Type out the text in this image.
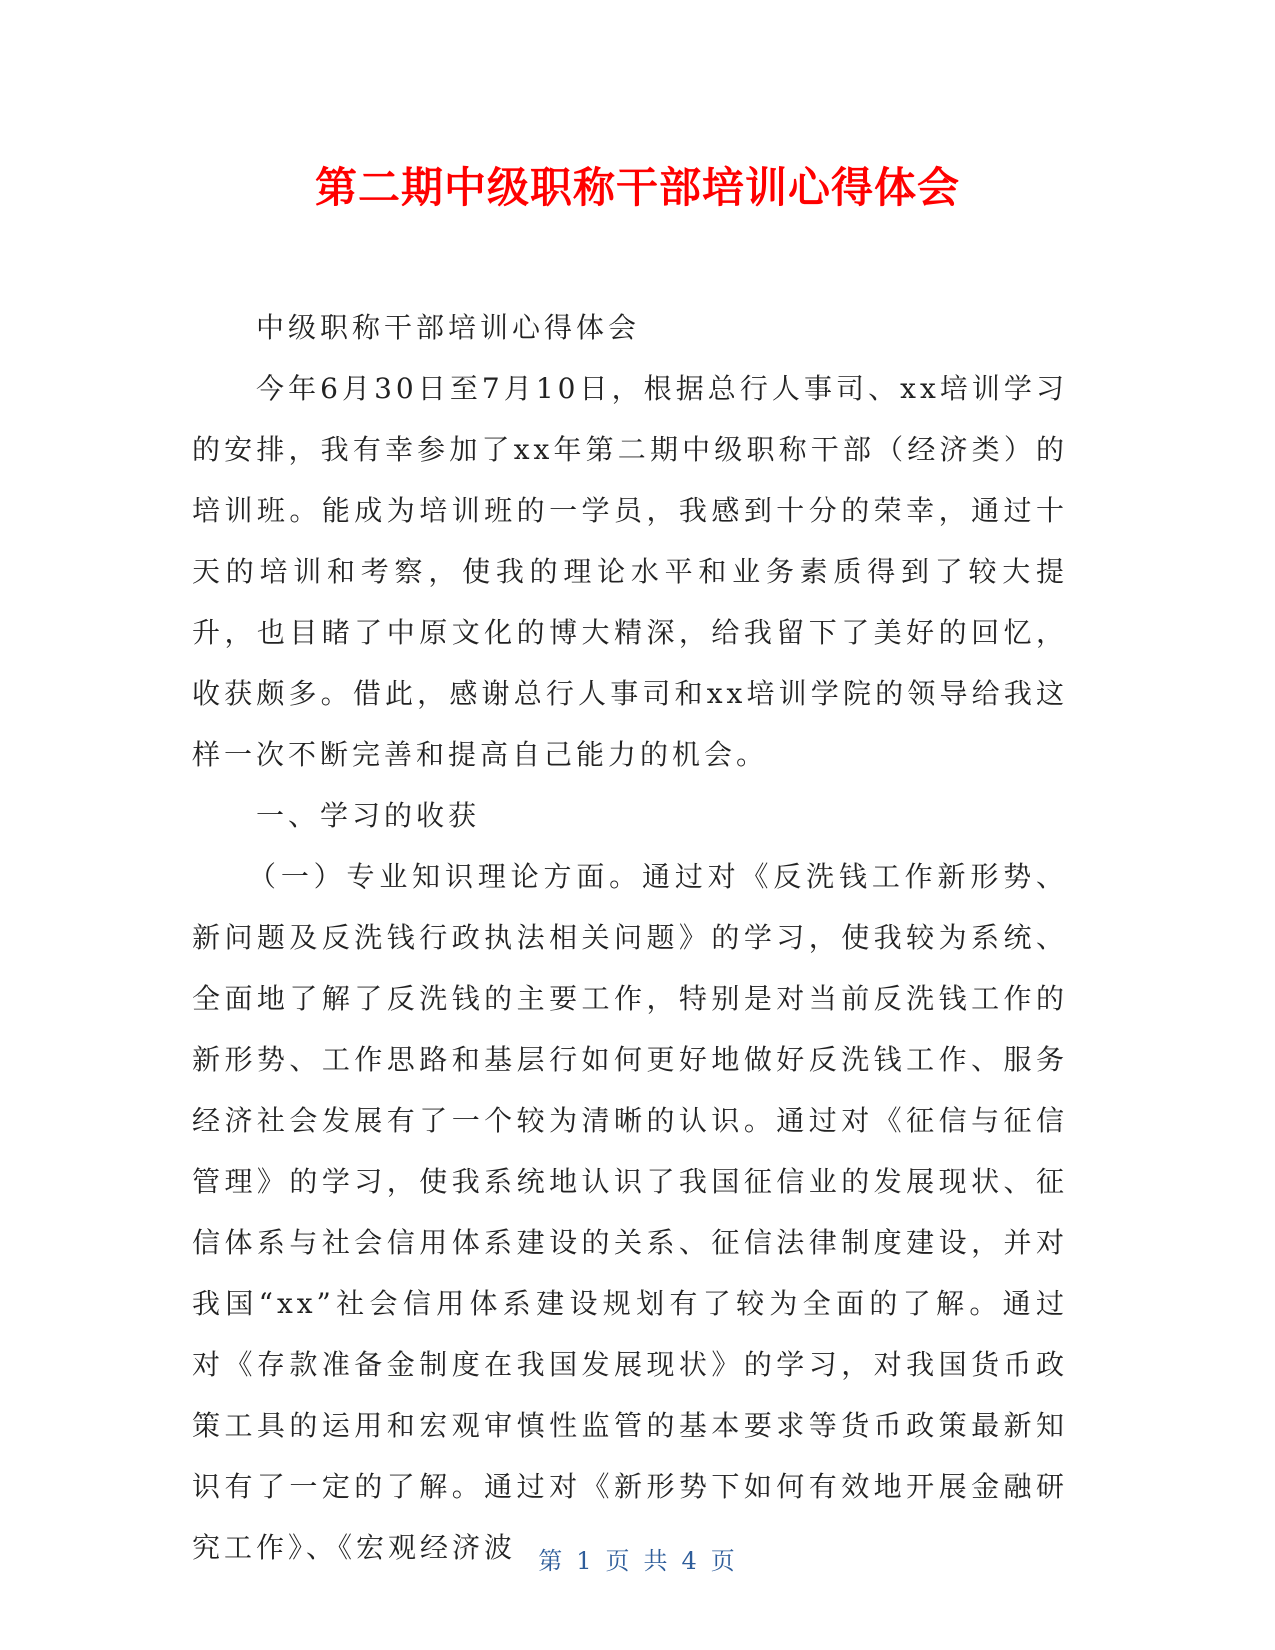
第二期中级职称干部培训心得体会

中级职称干部培训心得体会

今年6月30日至7月10日，根据总行人事司、xx培训学习的安排，我有幸参加了xx年第二期中级职称干部（经济类）的培训班。能成为培训班的一学员，我感到十分的荣幸，通过十天的培训和考察，使我的理论水平和业务素质得到了较大提升，也目睹了中原文化的博大精深，给我留下了美好的回忆，收获颇多。借此，感谢总行人事司和xx培训学院的领导给我这样一次不断完善和提高自己能力的机会。

一、学习的收获

（一）专业知识理论方面。通过对《反洗钱工作新形势、新问题及反洗钱行政执法相关问题》的学习，使我较为系统、全面地了解了反洗钱的主要工作，特别是对当前反洗钱工作的新形势、工作思路和基层行如何更好地做好反洗钱工作、服务经济社会发展有了一个较为清晰的认识。通过对《征信与征信管理》的学习，使我系统地认识了我国征信业的发展现状、征信体系与社会信用体系建设的关系、征信法律制度建设，并对我国“xx”社会信用体系建设规划有了较为全面的了解。通过对《存款准备金制度在我国发展现状》的学习，对我国货币政策工具的运用和宏观审慎性监管的基本要求等货币政策最新知识有了一定的了解。通过对《新形势下如何有效地开展金融研究工作》、《宏观经济波 第 1 页 共 4 页
